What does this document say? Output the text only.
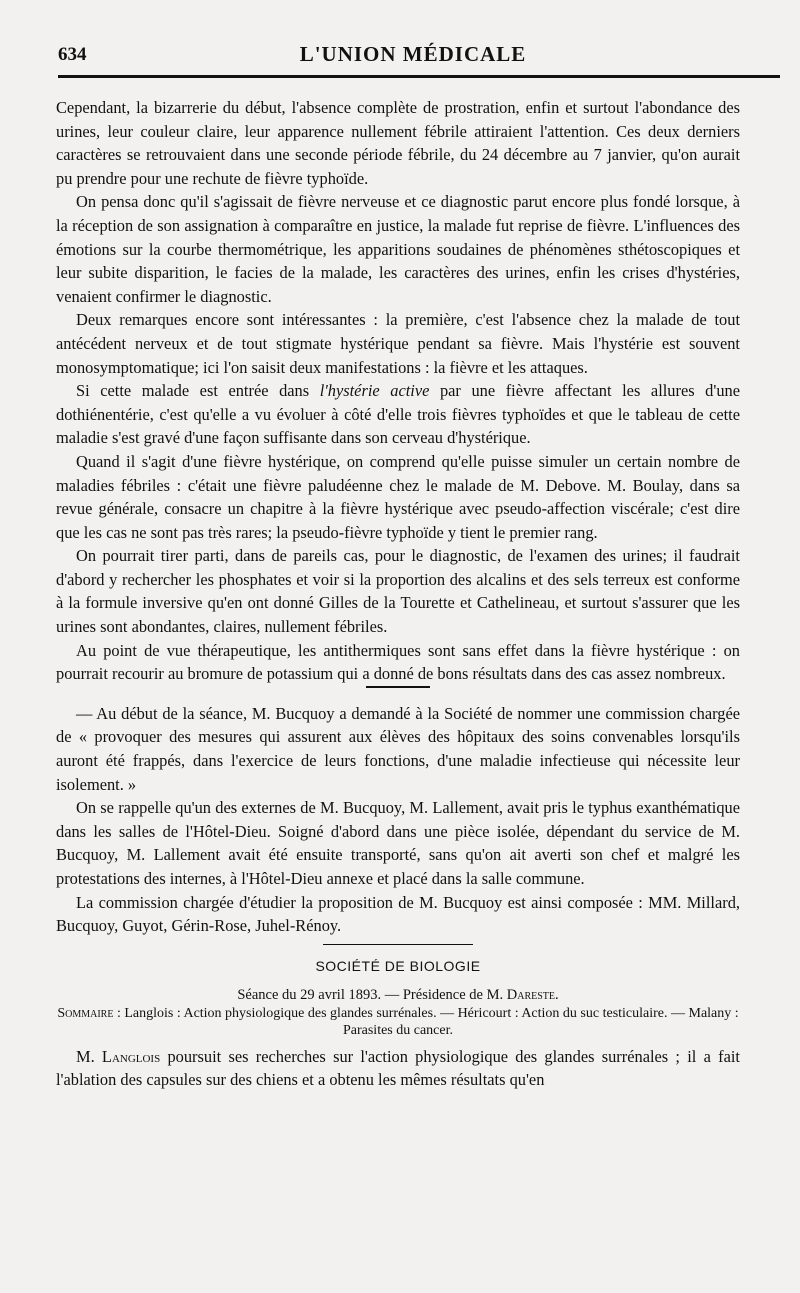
634	L'UNION MÉDICALE

Cependant, la bizarrerie du début, l'absence complète de prostration, enfin et surtout l'abondance des urines, leur couleur claire, leur apparence nullement fébrile attiraient l'attention. Ces deux derniers caractères se retrouvaient dans une seconde période fébrile, du 24 décembre au 7 janvier, qu'on aurait pu prendre pour une rechute de fièvre typhoïde.

On pensa donc qu'il s'agissait de fièvre nerveuse et ce diagnostic parut encore plus fondé lorsque, à la réception de son assignation à comparaître en justice, la malade fut reprise de fièvre. L'influences des émotions sur la courbe thermométrique, les apparitions soudaines de phénomènes sthétoscopiques et leur subite disparition, le facies de la malade, les caractères des urines, enfin les crises d'hystéries, venaient confirmer le diagnostic.

Deux remarques encore sont intéressantes : la première, c'est l'absence chez la malade de tout antécédent nerveux et de tout stigmate hystérique pendant sa fièvre. Mais l'hystérie est souvent monosymptomatique; ici l'on saisit deux manifestations : la fièvre et les attaques.

Si cette malade est entrée dans l'hystérie active par une fièvre affectant les allures d'une dothiénentérie, c'est qu'elle a vu évoluer à côté d'elle trois fièvres typhoïdes et que le tableau de cette maladie s'est gravé d'une façon suffisante dans son cerveau d'hystérique.

Quand il s'agit d'une fièvre hystérique, on comprend qu'elle puisse simuler un certain nombre de maladies fébriles : c'était une fièvre paludéenne chez le malade de M. Debove. M. Boulay, dans sa revue générale, consacre un chapitre à la fièvre hystérique avec pseudo-affection viscérale; c'est dire que les cas ne sont pas très rares; la pseudo-fièvre typhoïde y tient le premier rang.

On pourrait tirer parti, dans de pareils cas, pour le diagnostic, de l'examen des urines; il faudrait d'abord y rechercher les phosphates et voir si la proportion des alcalins et des sels terreux est conforme à la formule inversive qu'en ont donné Gilles de la Tourette et Cathelineau, et surtout s'assurer que les urines sont abondantes, claires, nullement fébriles.

Au point de vue thérapeutique, les antithermiques sont sans effet dans la fièvre hystérique : on pourrait recourir au bromure de potassium qui a donné de bons résultats dans des cas assez nombreux.

— Au début de la séance, M. Bucquoy a demandé à la Société de nommer une commission chargée de « provoquer des mesures qui assurent aux élèves des hôpitaux des soins convenables lorsqu'ils auront été frappés, dans l'exercice de leurs fonctions, d'une maladie infectieuse qui nécessite leur isolement. »

On se rappelle qu'un des externes de M. Bucquoy, M. Lallement, avait pris le typhus exanthématique dans les salles de l'Hôtel-Dieu. Soigné d'abord dans une pièce isolée, dépendant du service de M. Bucquoy, M. Lallement avait été ensuite transporté, sans qu'on ait averti son chef et malgré les protestations des internes, à l'Hôtel-Dieu annexe et placé dans la salle commune.

La commission chargée d'étudier la proposition de M. Bucquoy est ainsi composée : MM. Millard, Bucquoy, Guyot, Gérin-Rose, Juhel-Rénoy.

SOCIÉTÉ DE BIOLOGIE
Séance du 29 avril 1893. — Présidence de M. Dareste.

Sommaire : Langlois : Action physiologique des glandes surrénales. — Héricourt : Action du suc testiculaire. — Malany : Parasites du cancer.

M. Langlois poursuit ses recherches sur l'action physiologique des glandes surrénales ; il a fait l'ablation des capsules sur des chiens et a obtenu les mêmes résultats qu'en
